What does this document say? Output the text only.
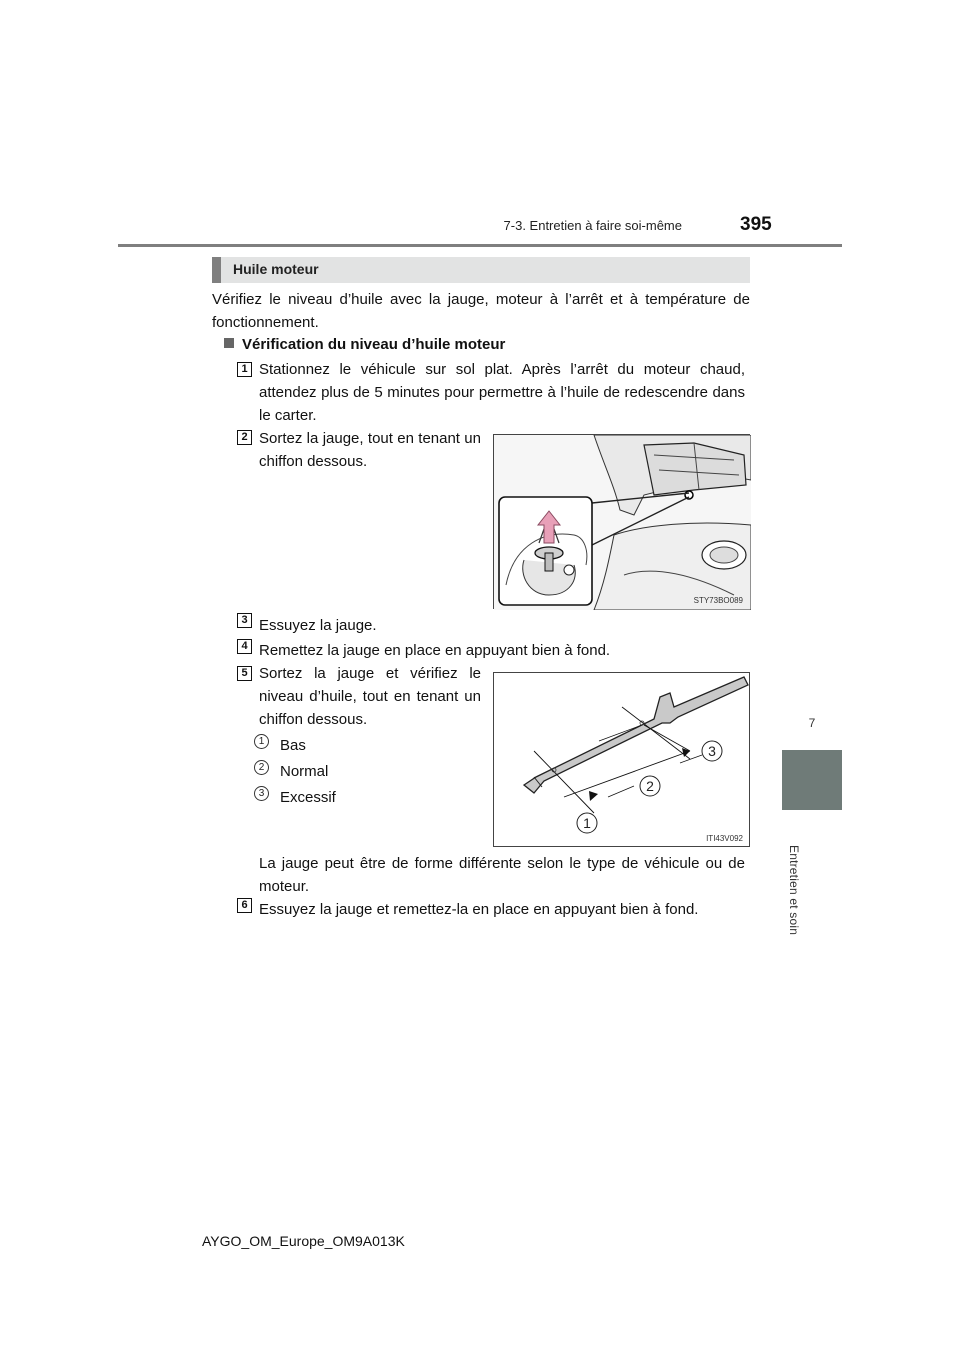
7-3. Entretien à faire soi-même	395
7
Entretien et soin
Huile moteur
Vérifiez le niveau d’huile avec la jauge, moteur à l’arrêt et à température de fonctionnement.
Vérification du niveau d’huile moteur
1 Stationnez le véhicule sur sol plat. Après l’arrêt du moteur chaud, attendez plus de 5 minutes pour permettre à l’huile de redescendre dans le carter.
2 Sortez la jauge, tout en tenant un chiffon dessous.
STY73BO089
3 Essuyez la jauge.
4 Remettez la jauge en place en appuyant bien à fond.
5 Sortez la jauge et vérifiez le niveau d’huile, tout en tenant un chiffon dessous.
1	Bas
2	Normal
3	Excessif
1
2
3
ITI43V092
La jauge peut être de forme différente selon le type de véhicule ou de moteur.
6 Essuyez la jauge et remettez-la en place en appuyant bien à fond.
AYGO_OM_Europe_OM9A013K
